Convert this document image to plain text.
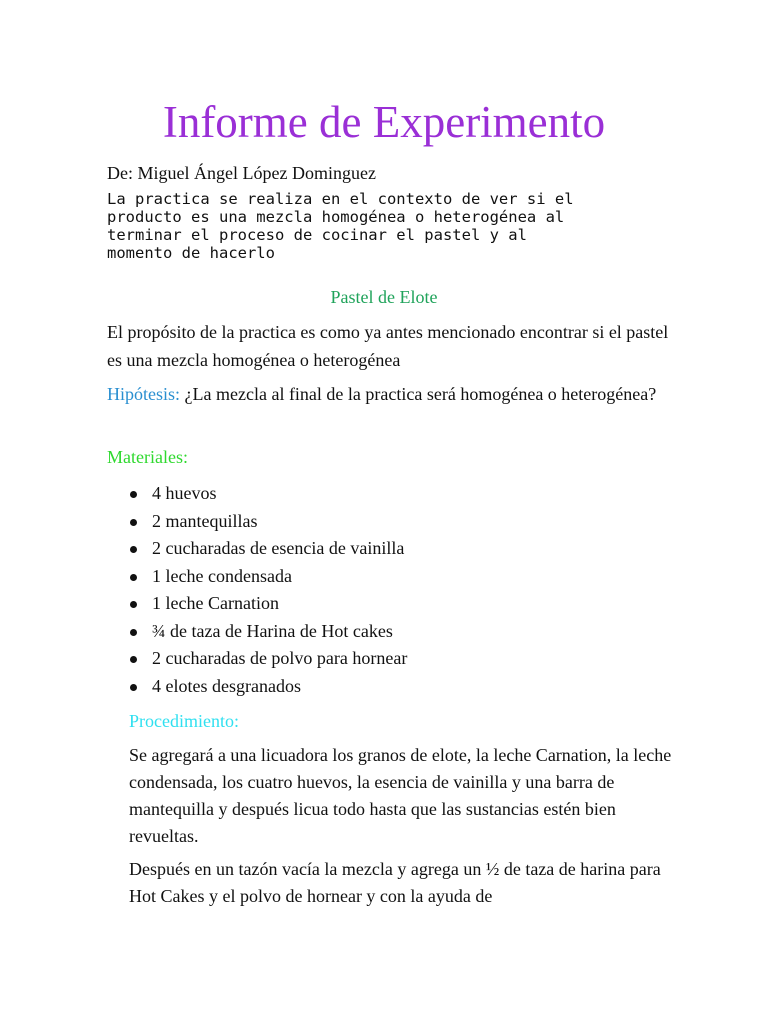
Informe de Experimento

De: Miguel Ángel López Dominguez

La practica se realiza en el contexto de ver si el
producto es una mezcla homogénea o heterogénea al
terminar el proceso de cocinar el pastel y al
momento de hacerlo

Pastel de Elote

El propósito de la practica es como ya antes mencionado encontrar si el pastel es una mezcla homogénea o heterogénea

Hipótesis: ¿La mezcla al final de la practica será homogénea o heterogénea?

Materiales:

4 huevos
2 mantequillas
2 cucharadas de esencia de vainilla
1 leche condensada
1 leche Carnation
¾ de taza de Harina de Hot cakes
2 cucharadas de polvo para hornear
4 elotes desgranados

Procedimiento:

Se agregará a una licuadora los granos de elote, la leche Carnation, la leche condensada, los cuatro huevos, la esencia de vainilla y una barra de mantequilla y después licua todo hasta que las sustancias estén bien revueltas.

Después en un tazón vacía la mezcla y agrega un ½ de taza de harina para Hot Cakes y el polvo de hornear y con la ayuda de
